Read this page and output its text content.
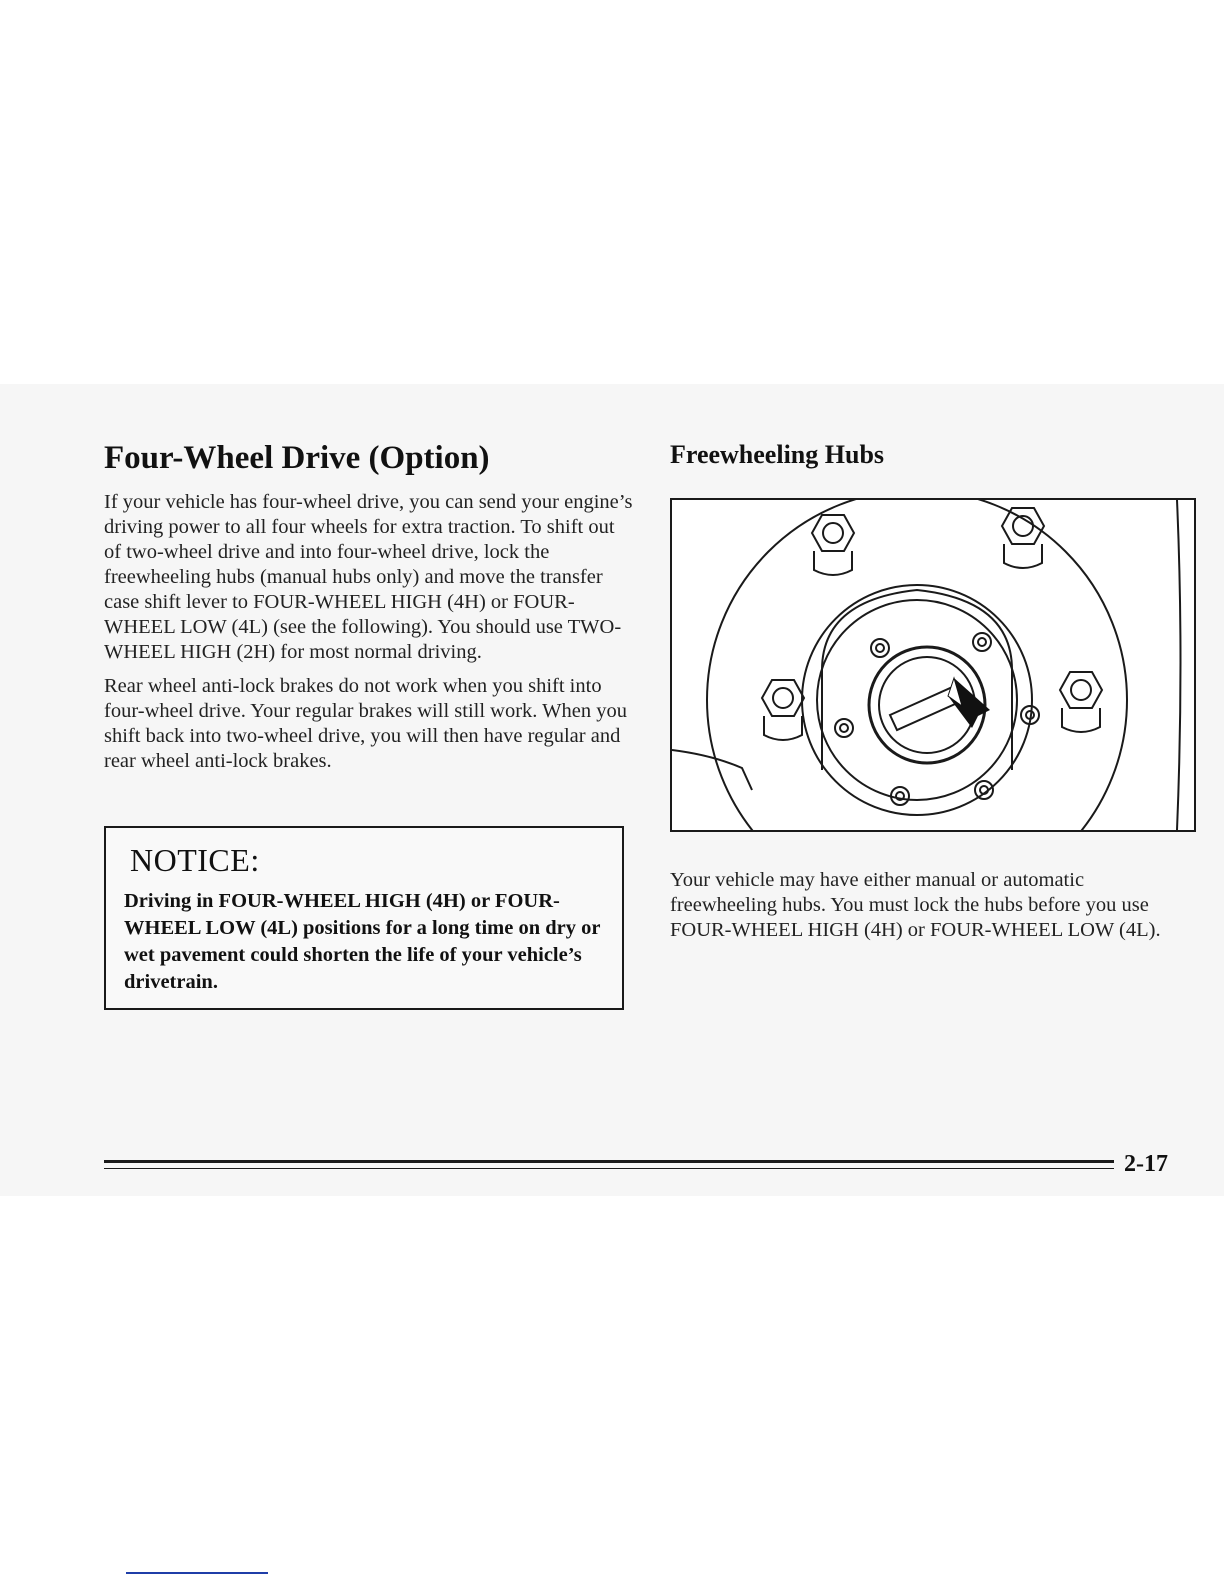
Four-Wheel Drive (Option)

If your vehicle has four-wheel drive, you can send your engine’s driving power to all four wheels for extra traction. To shift out of two-wheel drive and into four-wheel drive, lock the freewheeling hubs (manual hubs only) and move the transfer case shift lever to FOUR-WHEEL HIGH (4H) or FOUR-WHEEL LOW (4L) (see the following). You should use TWO-WHEEL HIGH (2H) for most normal driving.

Rear wheel anti-lock brakes do not work when you shift into four-wheel drive. Your regular brakes will still work. When you shift back into two-wheel drive, you will then have regular and rear wheel anti-lock brakes.

NOTICE:
Driving in FOUR-WHEEL HIGH (4H) or FOUR-WHEEL LOW (4L) positions for a long time on dry or wet pavement could shorten the life of your vehicle’s drivetrain.
Freewheeling Hubs

Your vehicle may have either manual or automatic freewheeling hubs. You must lock the hubs before you use FOUR-WHEEL HIGH (4H) or FOUR-WHEEL LOW (4L).

2-17
